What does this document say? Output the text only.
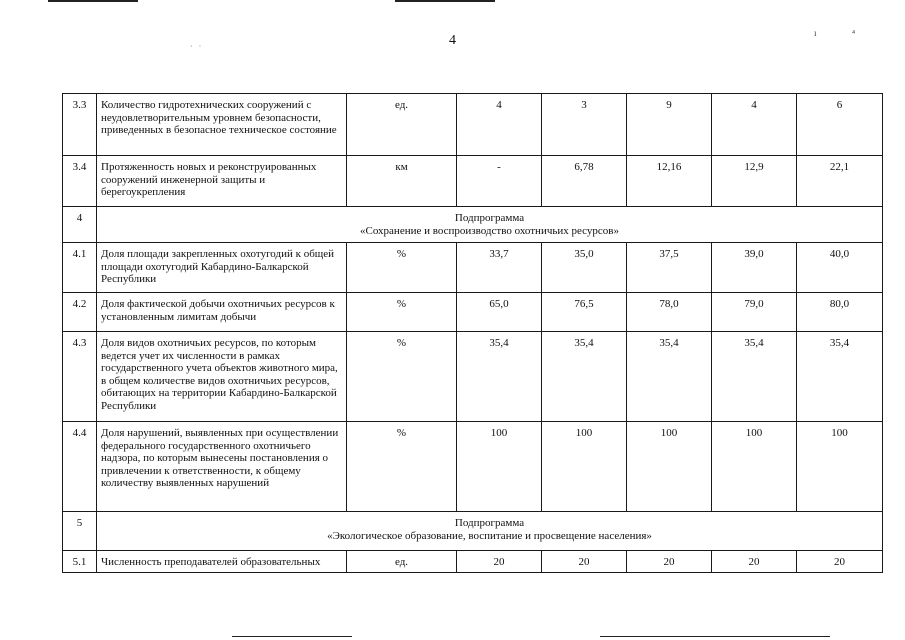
· ·	4	ı	⁴
3.3	Количество гидротехнических сооружений с неудовлетворительным уровнем безопасности, приведенных в безопасное техническое состояние	ед.	4	3	9	4	6
3.4	Протяженность новых и реконструированных сооружений инженерной защиты и берегоукрепления	км	-	6,78	12,16	12,9	22,1
4	Подпрограмма
«Сохранение и воспроизводство охотничьих ресурсов»						

4.1	Доля площади закрепленных охотугодий к общей площади охотугодий Кабардино-Балкарской Республики	%	33,7	35,0	37,5	39,0	40,0
4.2	Доля фактической добычи охотничьих ресурсов к установленным лимитам добычи	%	65,0	76,5	78,0	79,0	80,0
4.3	Доля видов охотничьих ресурсов, по которым ведется учет их численности в рамках государственного учета объектов животного мира, в общем количестве видов охотничьих ресурсов, обитающих на территории Кабардино-Балкарской Республики	%	35,4	35,4	35,4	35,4	35,4
4.4	Доля нарушений, выявленных при осуществлении федерального государственного охотничьего надзора, по которым вынесены постановления о привлечении к ответственности, к общему количеству выявленных нарушений	%	100	100	100	100	100
5	Подпрограмма
«Экологическое образование, воспитание и просвещение населения»						

5.1	Численность преподавателей образовательных	ед.	20	20	20	20	20
